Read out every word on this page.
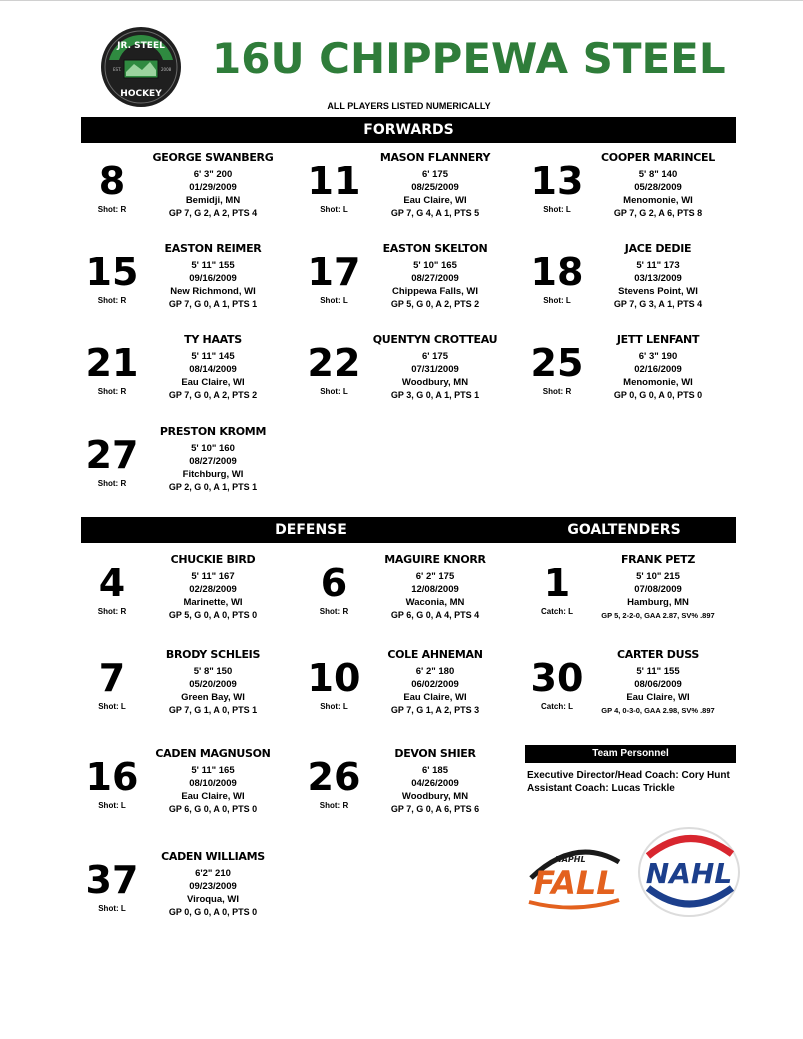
JR. STEEL
EST.	2008
HOCKEY
16U CHIPPEWA STEEL
ALL PLAYERS LISTED NUMERICALLY
FORWARDS
DEFENSE	GOALTENDERS
8
Shot: R
GEORGE SWANBERG
6' 3" 200
01/29/2009
Bemidji, MN
GP 7, G 2, A 2, PTS 4
11
Shot: L
MASON FLANNERY
6' 175
08/25/2009
Eau Claire, WI
GP 7, G 4, A 1, PTS 5
13
Shot: L
COOPER MARINCEL
5' 8" 140
05/28/2009
Menomonie, WI
GP 7, G 2, A 6, PTS 8
15
Shot: R
EASTON REIMER
5' 11" 155
09/16/2009
New Richmond, WI
GP 7, G 0, A 1, PTS 1
17
Shot: L
EASTON SKELTON
5' 10" 165
08/27/2009
Chippewa Falls, WI
GP 5, G 0, A 2, PTS 2
18
Shot: L
JACE DEDIE
5' 11" 173
03/13/2009
Stevens Point, WI
GP 7, G 3, A 1, PTS 4
21
Shot: R
TY HAATS
5' 11" 145
08/14/2009
Eau Claire, WI
GP 7, G 0, A 2, PTS 2
22
Shot: L
QUENTYN CROTTEAU
6' 175
07/31/2009
Woodbury, MN
GP 3, G 0, A 1, PTS 1
25
Shot: R
JETT LENFANT
6' 3" 190
02/16/2009
Menomonie, WI
GP 0, G 0, A 0, PTS 0
27
Shot: R
PRESTON KROMM
5' 10" 160
08/27/2009
Fitchburg, WI
GP 2, G 0, A 1, PTS 1
4
Shot: R
CHUCKIE BIRD
5' 11" 167
02/28/2009
Marinette, WI
GP 5, G 0, A 0, PTS 0
6
Shot: R
MAGUIRE KNORR
6' 2" 175
12/08/2009
Waconia, MN
GP 6, G 0, A 4, PTS 4
7
Shot: L
BRODY SCHLEIS
5' 8" 150
05/20/2009
Green Bay, WI
GP 7, G 1, A 0, PTS 1
10
Shot: L
COLE AHNEMAN
6' 2" 180
06/02/2009
Eau Claire, WI
GP 7, G 1, A 2, PTS 3
16
Shot: L
CADEN MAGNUSON
5' 11" 165
08/10/2009
Eau Claire, WI
GP 6, G 0, A 0, PTS 0
26
Shot: R
DEVON SHIER
6' 185
04/26/2009
Woodbury, MN
GP 7, G 0, A 6, PTS 6
37
Shot: L
CADEN WILLIAMS
6'2" 210
09/23/2009
Viroqua, WI
GP 0, G 0, A 0, PTS 0
1
Catch: L
FRANK PETZ
5' 10" 215
07/08/2009
Hamburg, MN
GP 5, 2-2-0, GAA 2.87, SV% .897
30
Catch: L
CARTER DUSS
5' 11" 155
08/06/2009
Eau Claire, WI
GP 4, 0-3-0, GAA 2.98, SV% .897
Team Personnel
Executive Director/Head Coach: Cory Hunt
Assistant Coach: Lucas Trickle
NAPHL
FALL NAHL
